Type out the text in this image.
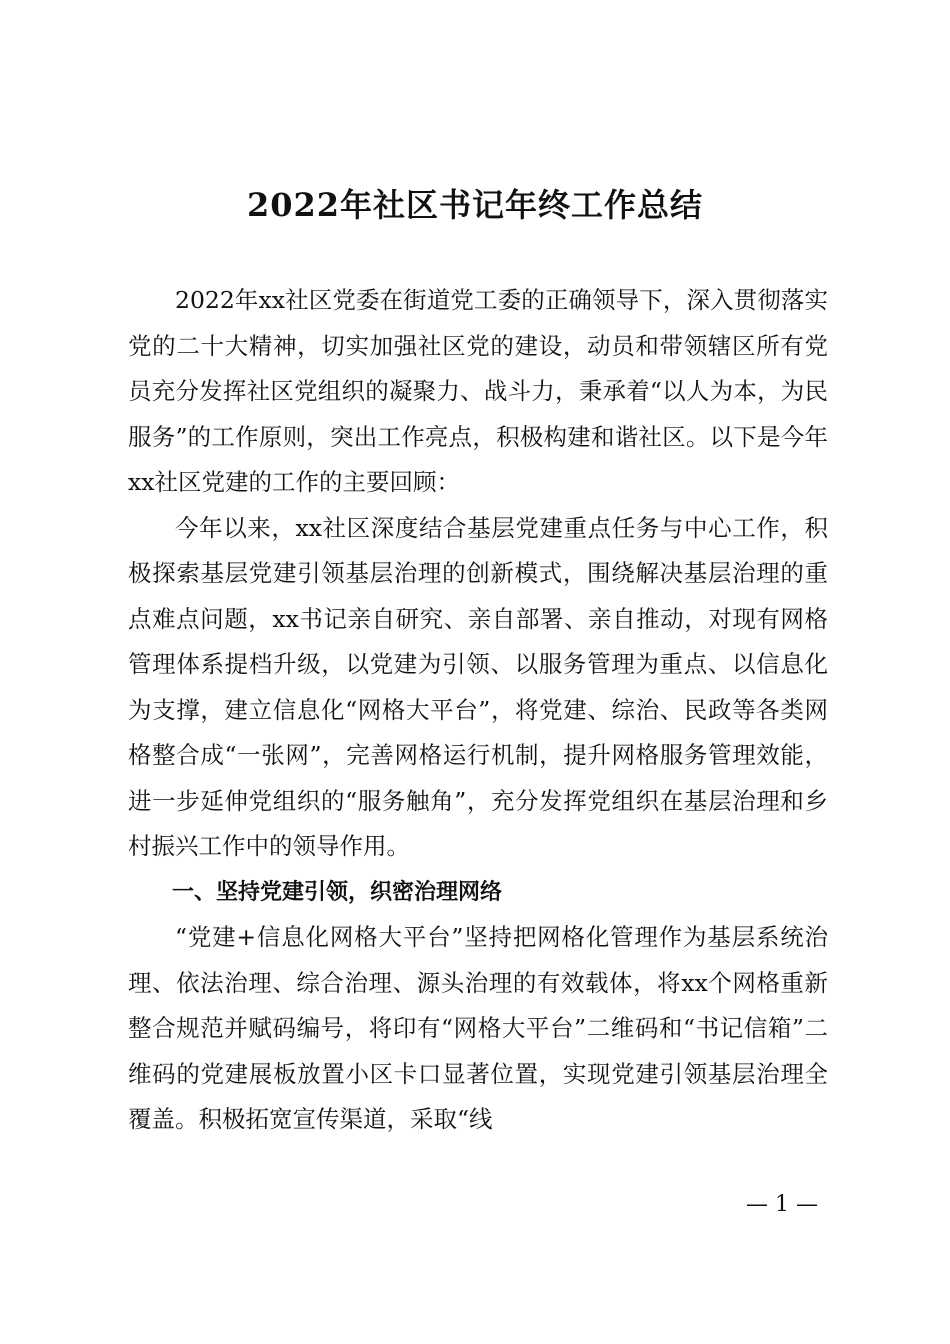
2022年社区书记年终工作总结

2022年xx社区党委在街道党工委的正确领导下，深入贯彻落实党的二十大精神，切实加强社区党的建设，动员和带领辖区所有党员充分发挥社区党组织的凝聚力、战斗力，秉承着“以人为本，为民服务”的工作原则，突出工作亮点，积极构建和谐社区。以下是今年xx社区党建的工作的主要回顾：

今年以来，xx社区深度结合基层党建重点任务与中心工作，积极探索基层党建引领基层治理的创新模式，围绕解决基层治理的重点难点问题，xx书记亲自研究、亲自部署、亲自推动，对现有网格管理体系提档升级，以党建为引领、以服务管理为重点、以信息化为支撑，建立信息化“网格大平台”，将党建、综治、民政等各类网格整合成“一张网”，完善网格运行机制，提升网格服务管理效能，进一步延伸党组织的“服务触角”，充分发挥党组织在基层治理和乡村振兴工作中的领导作用。

一、坚持党建引领，织密治理网络

“党建+信息化网格大平台”坚持把网格化管理作为基层系统治理、依法治理、综合治理、源头治理的有效载体，将xx个网格重新整合规范并赋码编号，将印有“网格大平台”二维码和“书记信箱”二维码的党建展板放置小区卡口显著位置，实现党建引领基层治理全覆盖。积极拓宽宣传渠道，采取“线

— 1 —
